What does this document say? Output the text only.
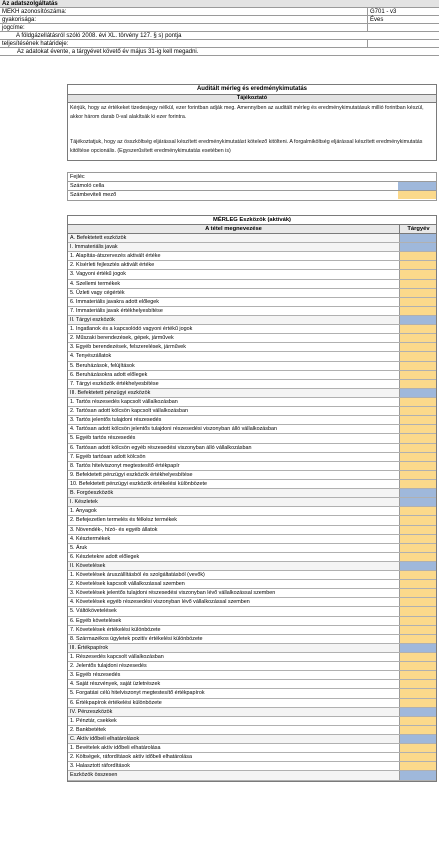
Az adatszolgáltatás
MEKH azonosítószáma:	G701 - v3
gyakorisága:	Éves
jogcíme:
A földgázellátásról szóló 2008. évi XL. törvény 127. § s) pontja
teljesítésének határideje:
Az adatokat évente, a tárgyévet követő év május 31-ig kell megadni.
Auditált mérleg és eredménykimutatás
Tájékoztató
Kérjük, hogy az értékeket tizedesjegy nélkül, ezer forintban adják meg. Amennyiben az auditált mérleg és eredménykimutatásuk millió forintban készül, akkor három darab 0-val alakítsák ki ezer forintra.
Tájékoztatjuk, hogy az összköltség eljárással készített eredménykimutatást kötelező kitölteni. A forgalmiköltség eljárással készített eredménykimutatás kitöltése opcionális. (Egyszerűsített eredménykimutatás esetében is)
Fejléc
Számoló cella
Számbeviteli mező
MÉRLEG Eszközök (aktívák)
A tétel megnevezése	Tárgyév
A. Befektetett eszközök
I. Immateriális javak
1. Alapítás-átszervezés aktivált értéke
2. Kísérleti fejlesztés aktivált értéke
3. Vagyoni értékű jogok
4. Szellemi termékek
5. Üzleti vagy cégérték
6. Immateriális javakra adott előlegek
7. Immateriális javak értékhelyesbítése
II. Tárgyi eszközök
1. Ingatlanok és a kapcsolódó vagyoni értékű jogok
2. Műszaki berendezések, gépek, járművek
3. Egyéb berendezések, felszerelések, járművek
4. Tenyészállatok
5. Beruházások, felújítások
6. Beruházásokra adott előlegek
7. Tárgyi eszközök értékhelyesbítése
III. Befektetett pénzügyi eszközök
1. Tartós részesedés kapcsolt vállalkozásban
2. Tartósan adott kölcsön kapcsolt vállalkozásban
3. Tartós jelentős tulajdoni részesedés
4. Tartósan adott kölcsön jelentős tulajdoni részesedési viszonyban álló vállalkozásban
5. Egyéb tartós részesedés
6. Tartósan adott kölcsön egyéb részesedési viszonyban álló vállalkozásban
7. Egyéb tartósan adott kölcsön
8. Tartós hitelviszonyt megtestesítő értékpapír
9. Befektetett pénzügyi eszközök értékhelyesbítése
10. Befektetett pénzügyi eszközök értékelési különbözete
B. Forgóeszközök
I. Készletek
1. Anyagok
2. Befejezetlen termelés és félkész termékek
3. Növendék-, hízó- és egyéb állatok
4. Késztermékek
5. Áruk
6. Készletekre adott előlegek
II. Követelések
1. Követelések áruszállításból és szolgáltatásból (vevők)
2. Követelések kapcsolt vállalkozással szemben
3. Követelések jelentős tulajdoni részesedési viszonyban lévő vállalkozással szemben
4. Követelések egyéb részesedési viszonyban lévő vállalkozással szemben
5. Váltókövetelések
6. Egyéb követelések
7. Követelések értékelési különbözete
8. Származékos ügyletek pozitív értékelési különbözete
III. Értékpapírok
1. Részesedés kapcsolt vállalkozásban
2. Jelentős tulajdoni részesedés
3. Egyéb részesedés
4. Saját részvények, saját üzletrészek
5. Forgatási célú hitelviszonyt megtestesítő értékpapírok
6. Értékpapírok értékelési különbözete
IV. Pénzeszközök
1. Pénztár, csekkek
2. Bankbetétek
C. Aktív időbeli elhatárolások
1. Bevételek aktív időbeli elhatárolása
2. Költségek, ráfordítások aktív időbeli elhatárolása
3. Halasztott ráfordítások
Eszközök összesen
